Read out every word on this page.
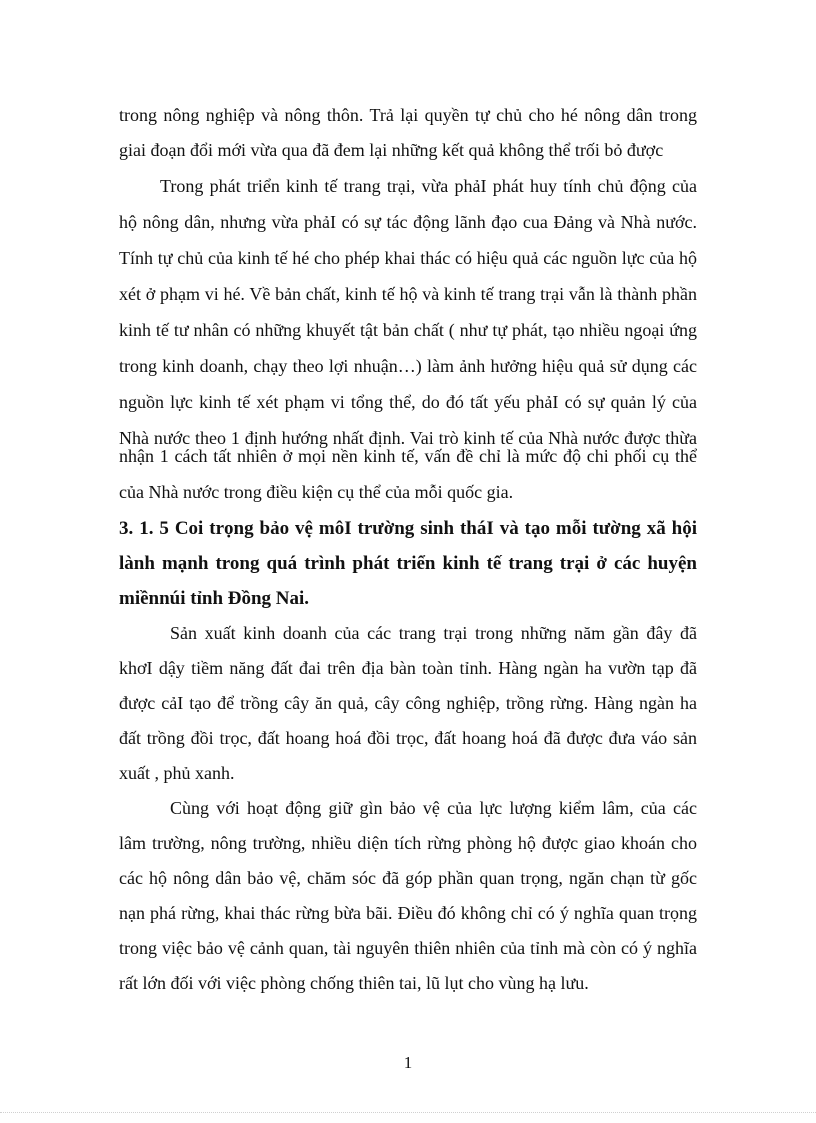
trong nông nghiệp và nông thôn. Trả lại quyền tự chủ cho hé nông dân trong
giai đoạn đổi mới vừa qua đã đem lại những kết quả không thể trối bỏ được
Trong phát triển kinh tế trang trại, vừa phảI phát huy tính chủ động của
hộ nông dân, nhưng vừa phảI có sự tác động lãnh đạo cua Đảng và Nhà nước.
Tính tự chủ của kinh tế hé cho phép khai thác có hiệu quả các nguồn lực của hộ
xét ở phạm vi hé. Về bản chất, kinh tế hộ và kinh tế trang trại vẫn là thành phần
kinh tế tư nhân có những khuyết tật bản chất ( như tự phát, tạo nhiều ngoại ứng
trong kinh doanh, chạy theo lợi nhuận…) làm ảnh hưởng hiệu quả sử dụng các
nguồn lực kinh tế xét phạm vi tổng thể, do đó tất yếu phảI có sự quản lý của
Nhà nước theo 1 định hướng nhất định. Vai trò kinh tế của Nhà nước được thừa
nhận 1 cách tất nhiên ở mọi nền kinh tế, vấn đề chỉ là mức độ chi phối cụ thể
của Nhà nước trong điều kiện cụ thể của mỗi quốc gia.
3. 1. 5 Coi trọng bảo vệ môI trường sinh tháI và tạo mỗi tường xã hội
lành mạnh trong quá trình phát triển kinh tế trang trại ở các huyện
miềnnúi tỉnh Đồng Nai.
Sản xuất kinh doanh của các trang trại trong những năm gần đây đã
khơI dậy tiềm năng đất đai trên địa bàn toàn tỉnh. Hàng ngàn ha vườn tạp đã
được cảI tạo để trồng cây ăn quả, cây công nghiệp, trồng rừng. Hàng ngàn ha
đất trồng đồi trọc, đất hoang hoá đồi trọc, đất hoang hoá đã được đưa váo sản
xuất , phủ xanh.
Cùng với hoạt động giữ gìn bảo vệ của lực lượng kiểm lâm, của các
lâm trường, nông trường, nhiều diện tích rừng phòng hộ được giao khoán cho
các hộ nông dân bảo vệ, chăm sóc đã góp phần quan trọng, ngăn chạn từ gốc
nạn phá rừng, khai thác rừng bừa bãi. Điều đó không chỉ có ý nghĩa quan trọng
trong việc bảo vệ cảnh quan, tài nguyên thiên nhiên của tỉnh mà còn có ý nghĩa
rất lớn đối với việc phòng chống thiên tai, lũ lụt cho vùng hạ lưu.
1
